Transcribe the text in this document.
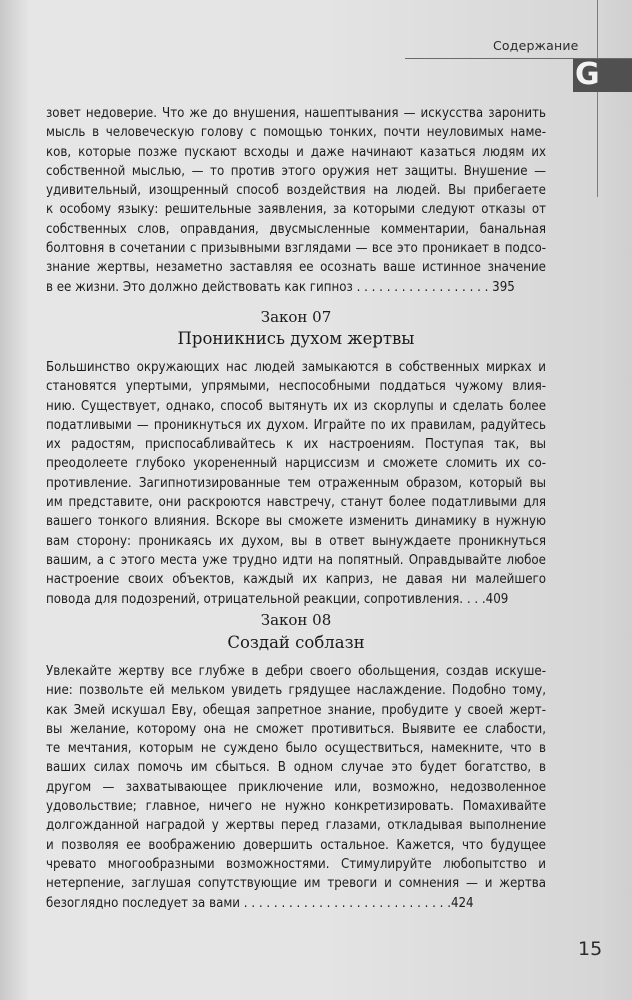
Содержание
G
зовет недоверие. Что же до внушения, нашептывания — искусства заронить
мысль в человеческую голову с помощью тонких, почти неуловимых наме-
ков, которые позже пускают всходы и даже начинают казаться людям их
собственной мыслью, — то против этого оружия нет защиты. Внушение —
удивительный, изощренный способ воздействия на людей. Вы прибегаете
к особому языку: решительные заявления, за которыми следуют отказы от
собственных слов, оправдания, двусмысленные комментарии, банальная
болтовня в сочетании с призывными взглядами — все это проникает в подсо-
знание жертвы, незаметно заставляя ее осознать ваше истинное значение
в ее жизни. Это должно действовать как гипноз . . . . . . . . . . . . . . . . . . 395
Закон 07
Проникнись духом жертвы
Большинство окружающих нас людей замыкаются в собственных мирках и
становятся упертыми, упрямыми, неспособными поддаться чужому влия-
нию. Существует, однако, способ вытянуть их из скорлупы и сделать более
податливыми — проникнуться их духом. Играйте по их правилам, радуйтесь
их радостям, приспосабливайтесь к их настроениям. Поступая так, вы
преодолеете глубоко укорененный нарциссизм и сможете сломить их со-
противление. Загипнотизированные тем отраженным образом, который вы
им представите, они раскроются навстречу, станут более податливыми для
вашего тонкого влияния. Вскоре вы сможете изменить динамику в нужную
вам сторону: проникаясь их духом, вы в ответ вынуждаете проникнуться
вашим, а с этого места уже трудно идти на попятный. Оправдывайте любое
настроение своих объектов, каждый их каприз, не давая ни малейшего
повода для подозрений, отрицательной реакции, сопротивления. . . .409
Закон 08
Создай соблазн
Увлекайте жертву все глубже в дебри своего обольщения, создав искуше-
ние: позвольте ей мельком увидеть грядущее наслаждение. Подобно тому,
как Змей искушал Еву, обещая запретное знание, пробудите у своей жерт-
вы желание, которому она не сможет противиться. Выявите ее слабости,
те мечтания, которым не суждено было осуществиться, намекните, что в
ваших силах помочь им сбыться. В одном случае это будет богатство, в
другом — захватывающее приключение или, возможно, недозволенное
удовольствие; главное, ничего не нужно конкретизировать. Помахивайте
долгожданной наградой у жертвы перед глазами, откладывая выполнение
и позволяя ее воображению довершить остальное. Кажется, что будущее
чревато многообразными возможностями. Стимулируйте любопытство и
нетерпение, заглушая сопутствующие им тревоги и сомнения — и жертва
безоглядно последует за вами . . . . . . . . . . . . . . . . . . . . . . . . . . . .424
15
